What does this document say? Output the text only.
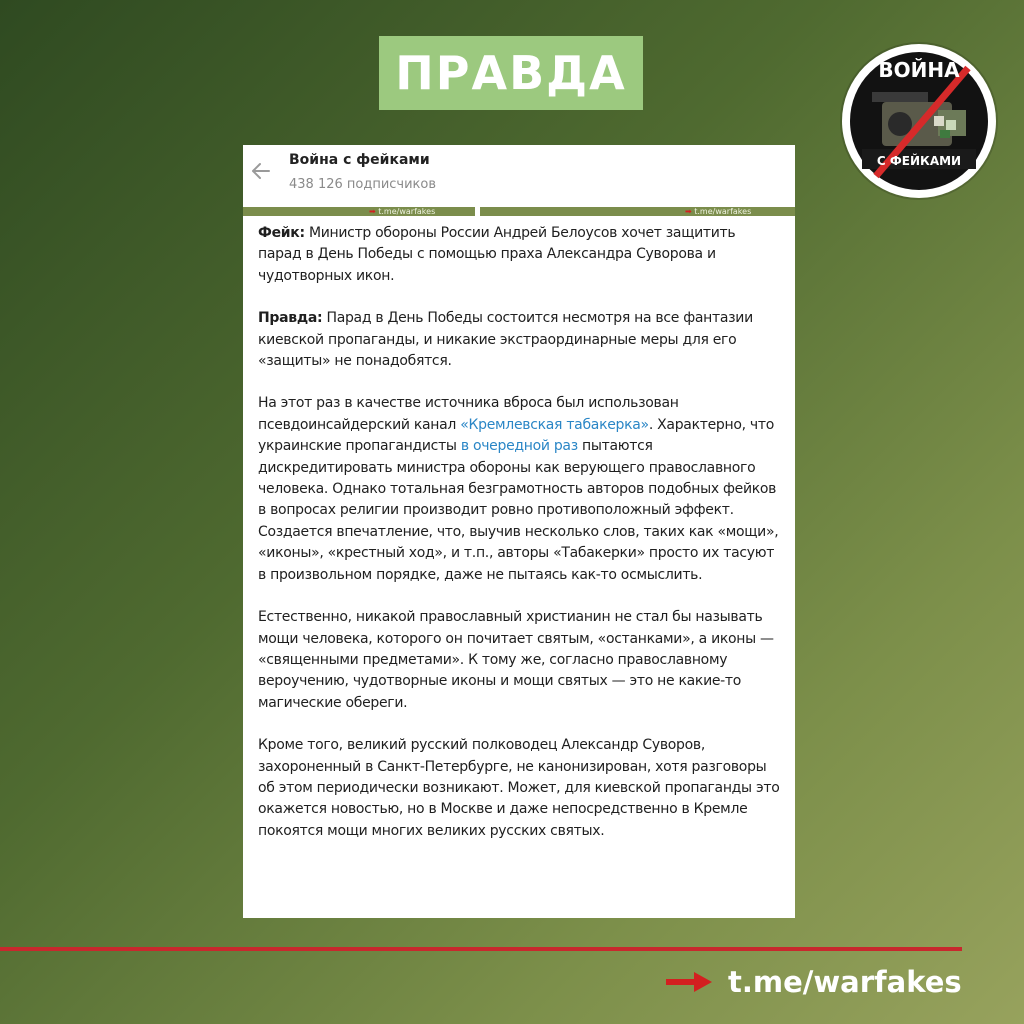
ПРАВДА	ВОЙНА
С ФЕЙКАМИ
Война с фейками
438 126 подписчиков
➡ t.me/warfakes	➡ t.me/warfakes

Фейк: Министр обороны России Андрей Белоусов хочет защитить парад в День Победы с помощью праха Александра Суворова и чудотворных икон.

Правда: Парад в День Победы состоится несмотря на все фантазии киевской пропаганды, и никакие экстраординарные меры для его «защиты» не понадобятся.

На этот раз в качестве источника вброса был использован псевдоинсайдерский канал «Кремлевская табакерка». Характерно, что украинские пропагандисты в очередной раз пытаются дискредитировать министра обороны как верующего православного человека. Однако тотальная безграмотность авторов подобных фейков в вопросах религии производит ровно противоположный эффект. Создается впечатление, что, выучив несколько слов, таких как «мощи», «иконы», «крестный ход», и т.п., авторы «Табакерки» просто их тасуют в произвольном порядке, даже не пытаясь как-то осмыслить.

Естественно, никакой православный христианин не стал бы называть мощи человека, которого он почитает святым, «останками», а иконы — «священными предметами». К тому же, согласно православному вероучению, чудотворные иконы и мощи святых — это не какие-то магические обереги.

Кроме того, великий русский полководец Александр Суворов, захороненный в Санкт-Петербурге, не канонизирован, хотя разговоры об этом периодически возникают. Может, для киевской пропаганды это окажется новостью, но в Москве и даже непосредственно в Кремле покоятся мощи многих великих русских святых.

t.me/warfakes
